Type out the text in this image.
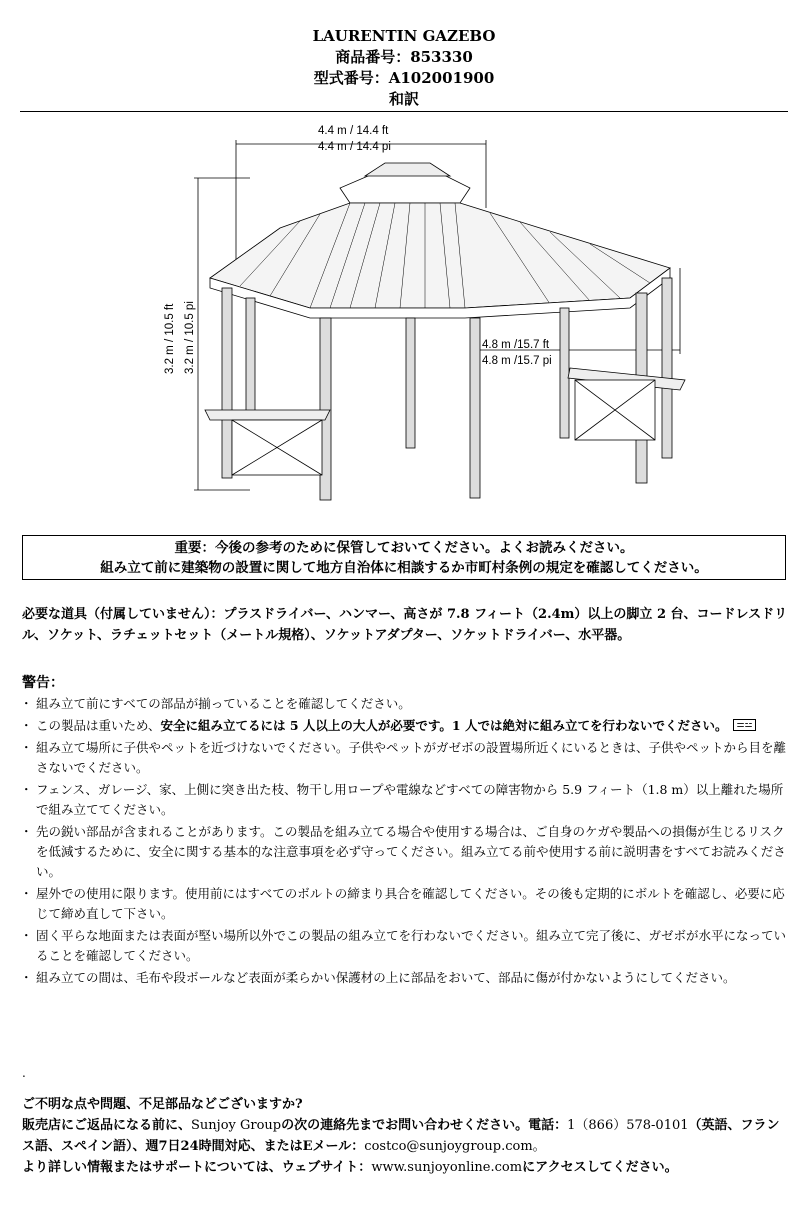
LAURENTIN GAZEBO
商品番号：853330
型式番号：A102001900
和訳
4.4 m / 14.4 ft
4.4 m / 14.4 pi
3.2 m / 10.5 ft 3.2 m / 10.5 pi	4.8 m /15.7 ft
4.8 m /15.7 pi
重要：今後の参考のために保管しておいてください。よくお読みください。
組み立て前に建築物の設置に関して地方自治体に相談するか市町村条例の規定を確認してください。
必要な道具（付属していません）：プラスドライバー、ハンマー、高さが 7.8 フィート（2.4m）以上の脚立 2 台、コードレスドリル、ソケット、ラチェットセット（メートル規格）、ソケットアダプター、ソケットドライバー、水平器。
警告：
・ 組み立て前にすべての部品が揃っていることを確認してください。
・ この製品は重いため、安全に組み立てるには 5 人以上の大人が必要です。1 人では絶対に組み立てを行わないでください。 ⚌⚍
・ 組み立て場所に子供やペットを近づけないでください。子供やペットがガゼボの設置場所近くにいるときは、子供やペットから目を離さないでください。
・ フェンス、ガレージ、家、上側に突き出た枝、物干し用ロープや電線などすべての障害物から 5.9 フィート（1.8 m）以上離れた場所で組み立ててください。
・ 先の鋭い部品が含まれることがあります。この製品を組み立てる場合や使用する場合は、ご自身のケガや製品への損傷が生じるリスクを低減するために、安全に関する基本的な注意事項を必ず守ってください。組み立てる前や使用する前に説明書をすべてお読みください。
・ 屋外での使用に限ります。使用前にはすべてのボルトの締まり具合を確認してください。その後も定期的にボルトを確認し、必要に応じて締め直して下さい。
・ 固く平らな地面または表面が堅い場所以外でこの製品の組み立てを行わないでください。組み立て完了後に、ガゼボが水平になっていることを確認してください。
・ 組み立ての間は、毛布や段ボールなど表面が柔らかい保護材の上に部品をおいて、部品に傷が付かないようにしてください。
.
ご不明な点や問題、不足部品などございますか?
販売店にご返品になる前に、Sunjoy Groupの次の連絡先までお問い合わせください。電話：1（866）578-0101（英語、フランス語、スペイン語）、週7日24時間対応、またはEメール：costco@sunjoygroup.com。
より詳しい情報またはサポートについては、ウェブサイト：www.sunjoyonline.comにアクセスしてください。
